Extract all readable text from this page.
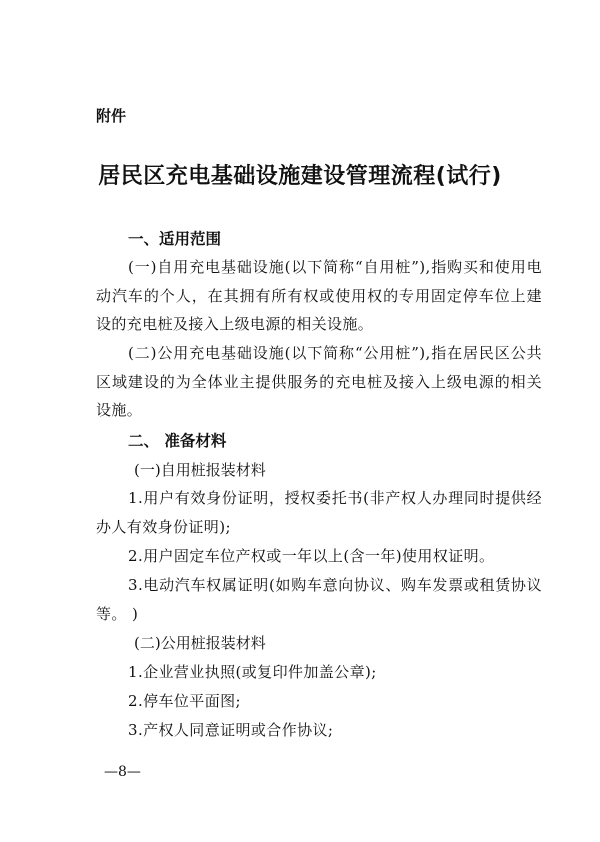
附件
居民区充电基础设施建设管理流程(试行)
一、适用范围
(一)自用充电基础设施(以下简称“自用桩”),指购买和使用电动汽车的个人，在其拥有所有权或使用权的专用固定停车位上建设的充电桩及接入上级电源的相关设施。
(二)公用充电基础设施(以下简称“公用桩”),指在居民区公共区域建设的为全体业主提供服务的充电桩及接入上级电源的相关设施。
二、 准备材料
(一)自用桩报装材料
1.用户有效身份证明，授权委托书(非产权人办理同时提供经办人有效身份证明);
2.用户固定车位产权或一年以上(含一年)使用权证明。
3.电动汽车权属证明(如购车意向协议、购车发票或租赁协议等。 )
(二)公用桩报装材料
1.企业营业执照(或复印件加盖公章);
2.停车位平面图;
3.产权人同意证明或合作协议;
—8—
